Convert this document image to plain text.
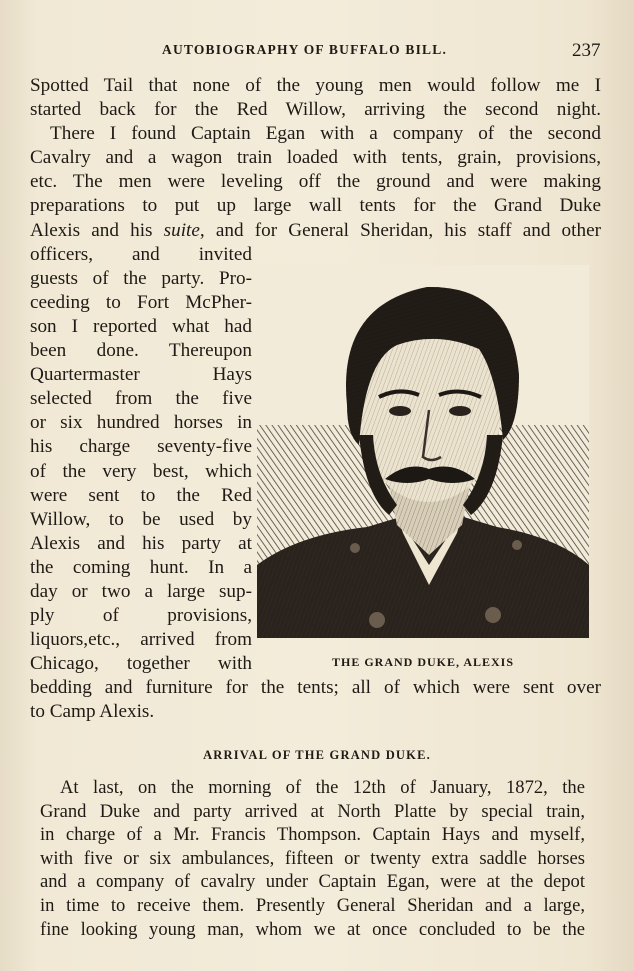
AUTOBIOGRAPHY OF BUFFALO BILL.	237
Spotted Tail that none of the young men would follow me I
started back for the Red Willow, arriving the second night.
There I found Captain Egan with a company of the second
Cavalry and a wagon train loaded with tents, grain, provisions,
etc. The men were leveling off the ground and were making
preparations to put up large wall tents for the Grand Duke
Alexis and his suite, and for General Sheridan, his staff and other
officers, and invited
guests of the party. Pro-
ceeding to Fort McPher-
son I reported what had
been done. Thereupon
Quartermaster Hays
selected from the five
or six hundred horses in
his charge seventy-five
of the very best, which
were sent to the Red
Willow, to be used by
Alexis and his party at
the coming hunt. In a
day or two a large sup-
ply of provisions,
liquors,etc., arrived from
Chicago, together with
bedding and furniture for the tents; all of which were sent over
to Camp Alexis.
THE GRAND DUKE, ALEXIS
ARRIVAL OF THE GRAND DUKE.
At last, on the morning of the 12th of January, 1872, the
Grand Duke and party arrived at North Platte by special train,
in charge of a Mr. Francis Thompson. Captain Hays and myself,
with five or six ambulances, fifteen or twenty extra saddle horses
and a company of cavalry under Captain Egan, were at the depot
in time to receive them. Presently General Sheridan and a large,
fine looking young man, whom we at once concluded to be the
